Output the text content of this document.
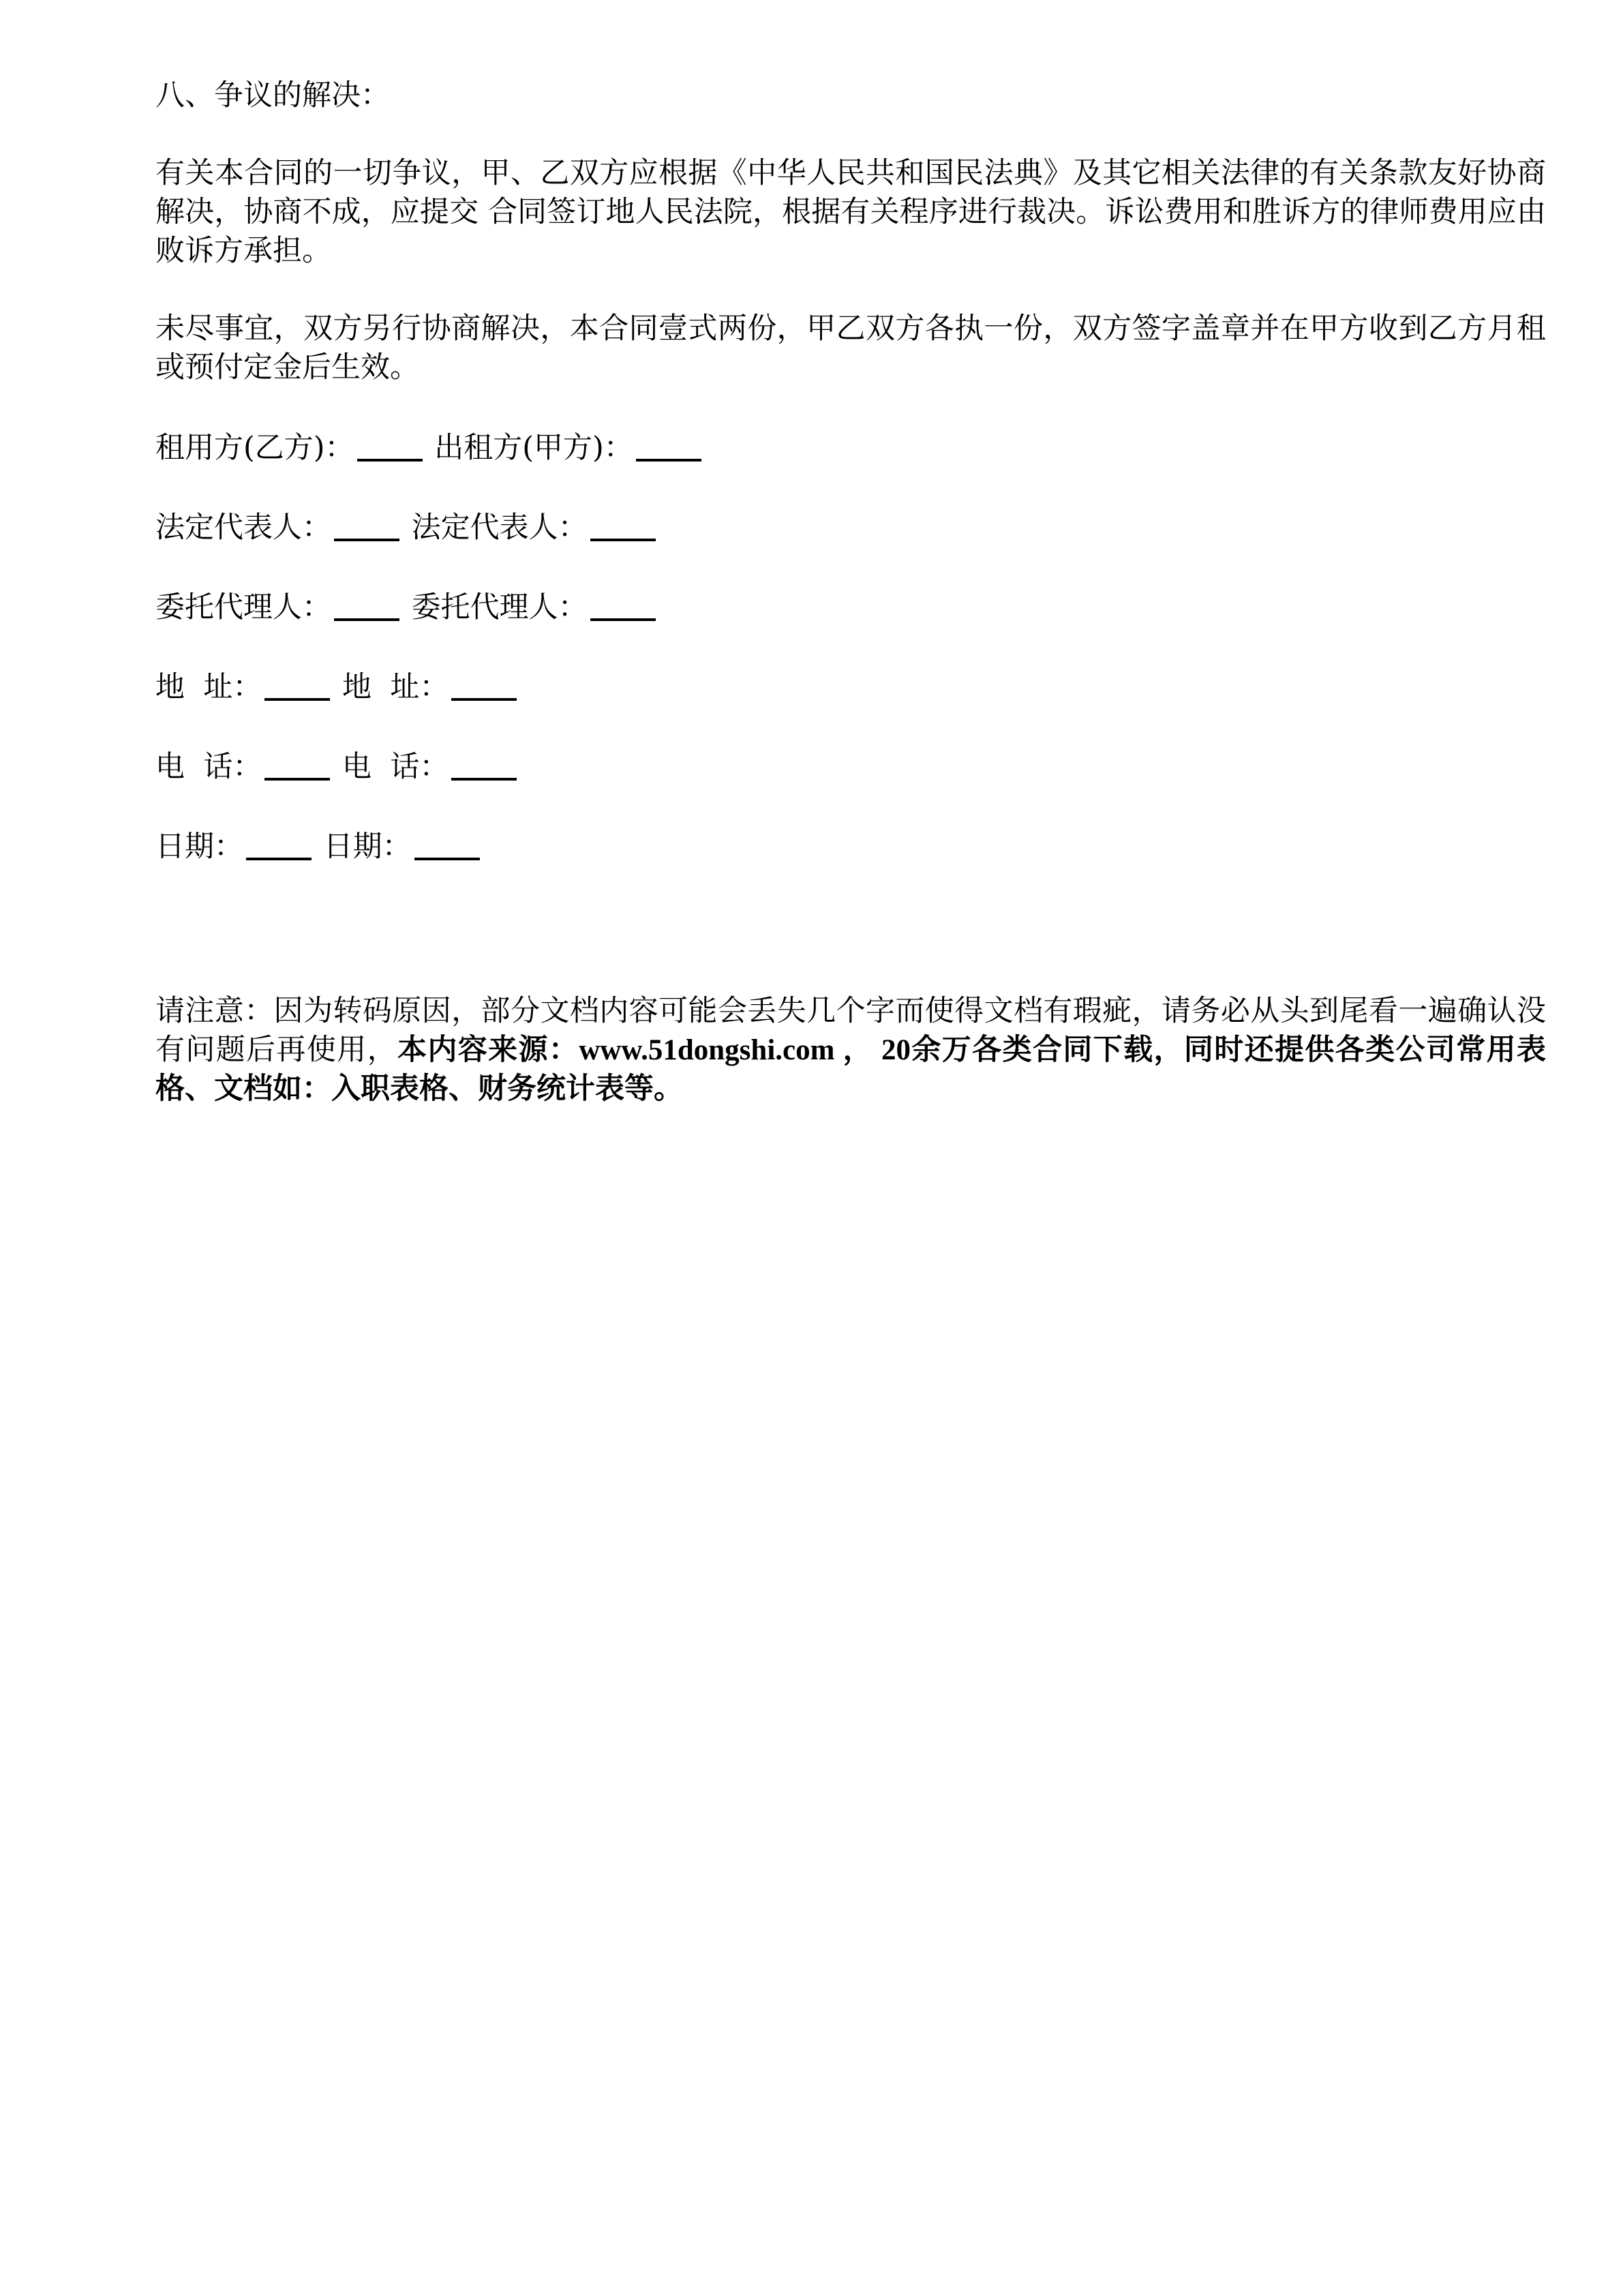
八、争议的解决：

有关本合同的一切争议，甲、乙双方应根据《中华人民共和国民法典》及其它相关法律的有关条款友好协商解决，协商不成，应提交 合同签订地人民法院，根据有关程序进行裁决。诉讼费用和胜诉方的律师费用应由败诉方承担。

未尽事宜，双方另行协商解决，本合同壹式两份，甲乙双方各执一份，双方签字盖章并在甲方收到乙方月租或预付定金后生效。

租用方(乙方)：	出租方(甲方)：
法定代表人：	法定代表人：
委托代理人：	委托代理人：
地  址：	地  址：
电  话：	电  话：
日期：	日期：

请注意：因为转码原因，部分文档内容可能会丢失几个字而使得文档有瑕疵，请务必从头到尾看一遍确认没有问题后再使用，本内容来源：www.51dongshi.com ， 20余万各类合同下载，同时还提供各类公司常用表格、文档如：入职表格、财务统计表等。
